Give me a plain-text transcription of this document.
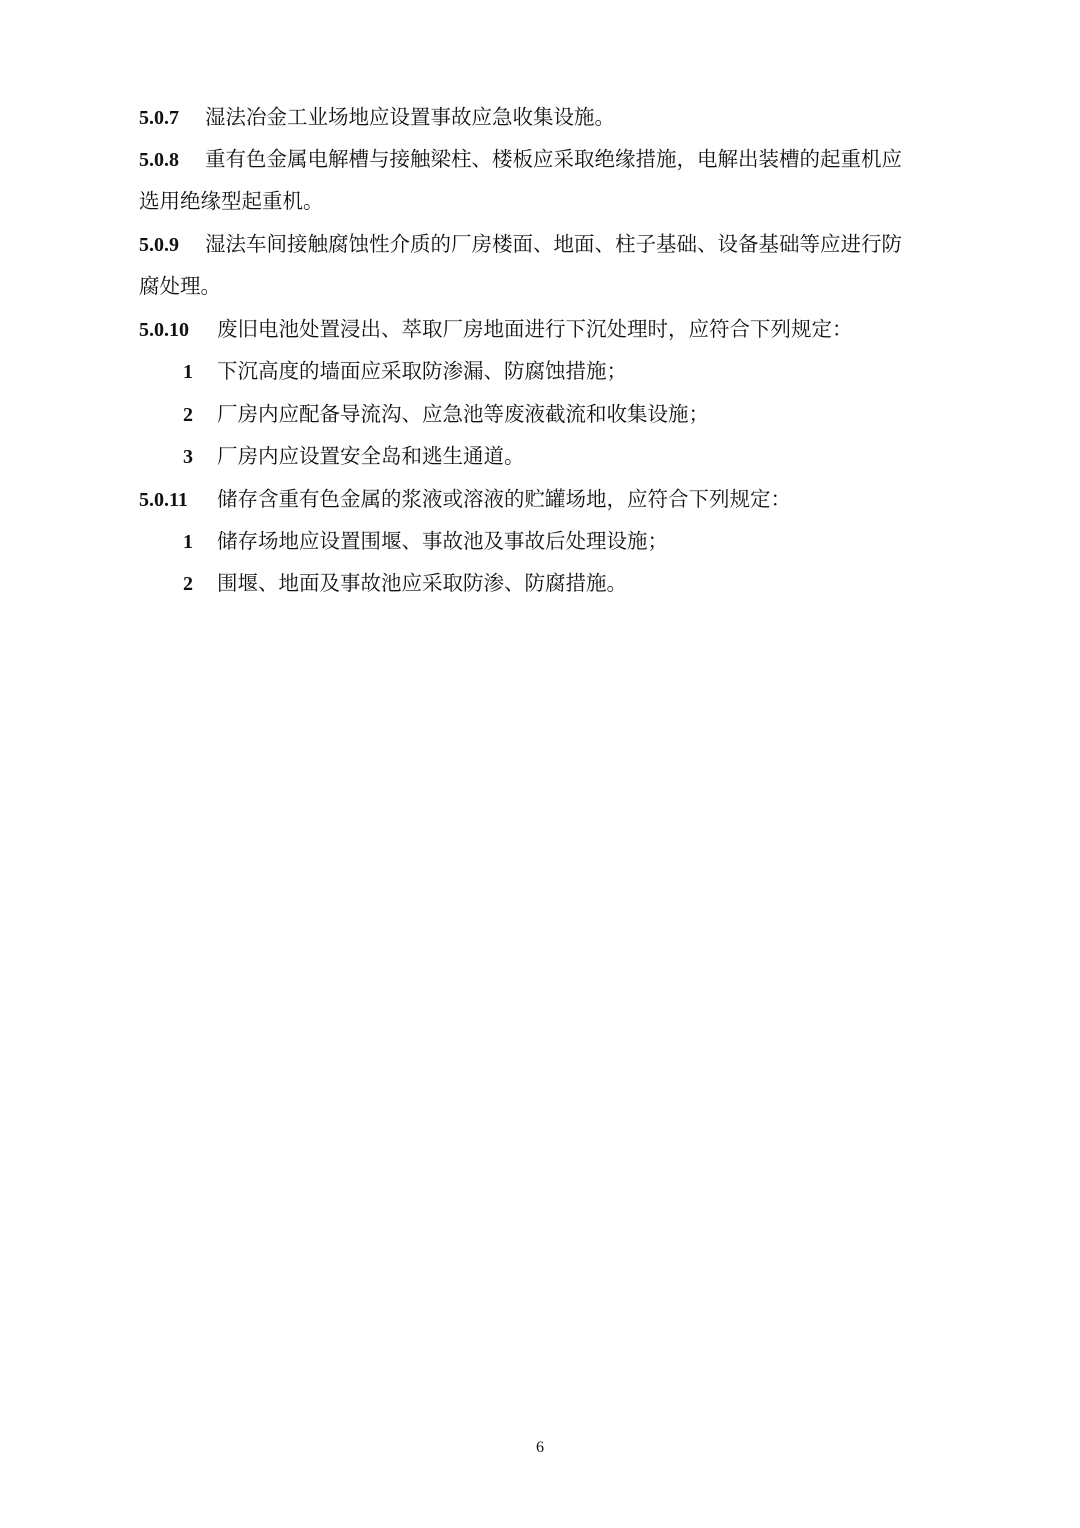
5.0.7 湿法冶金工业场地应设置事故应急收集设施。
5.0.8 重有色金属电解槽与接触梁柱、楼板应采取绝缘措施，电解出装槽的起重机应
选用绝缘型起重机。
5.0.9 湿法车间接触腐蚀性介质的厂房楼面、地面、柱子基础、设备基础等应进行防
腐处理。
5.0.10 废旧电池处置浸出、萃取厂房地面进行下沉处理时，应符合下列规定：
1 下沉高度的墙面应采取防渗漏、防腐蚀措施；
2 厂房内应配备导流沟、应急池等废液截流和收集设施；
3 厂房内应设置安全岛和逃生通道。
5.0.11 储存含重有色金属的浆液或溶液的贮罐场地，应符合下列规定：
1 储存场地应设置围堰、事故池及事故后处理设施；
2 围堰、地面及事故池应采取防渗、防腐措施。
6
